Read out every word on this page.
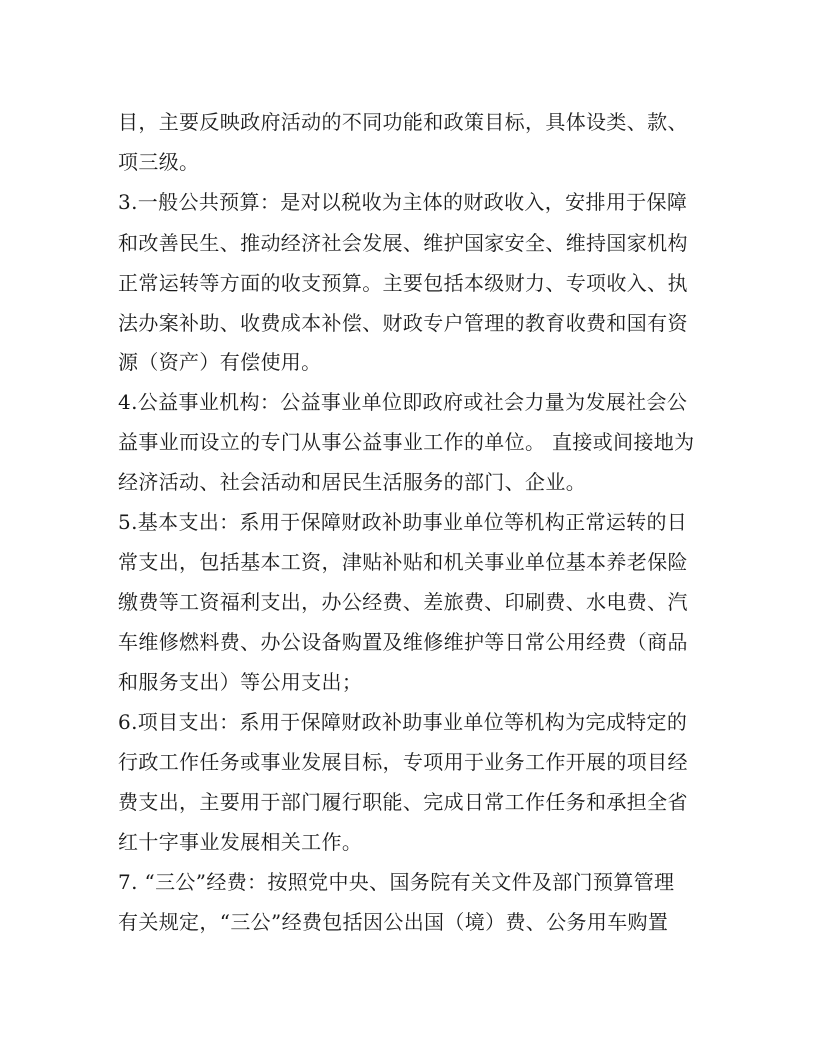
目，主要反映政府活动的不同功能和政策目标，具体设类、款、
项三级。
3.一般公共预算：是对以税收为主体的财政收入，安排用于保障
和改善民生、推动经济社会发展、维护国家安全、维持国家机构
正常运转等方面的收支预算。主要包括本级财力、专项收入、执
法办案补助、收费成本补偿、财政专户管理的教育收费和国有资
源（资产）有偿使用。
4.公益事业机构：公益事业单位即政府或社会力量为发展社会公
益事业而设立的专门从事公益事业工作的单位。 直接或间接地为
经济活动、社会活动和居民生活服务的部门、企业。
5.基本支出：系用于保障财政补助事业单位等机构正常运转的日
常支出，包括基本工资，津贴补贴和机关事业单位基本养老保险
缴费等工资福利支出，办公经费、差旅费、印刷费、水电费、汽
车维修燃料费、办公设备购置及维修维护等日常公用经费（商品
和服务支出）等公用支出；
6.项目支出：系用于保障财政补助事业单位等机构为完成特定的
行政工作任务或事业发展目标，专项用于业务工作开展的项目经
费支出，主要用于部门履行职能、完成日常工作任务和承担全省
红十字事业发展相关工作。
7. “三公”经费：按照党中央、国务院有关文件及部门预算管理
有关规定，“三公”经费包括因公出国（境）费、公务用车购置
